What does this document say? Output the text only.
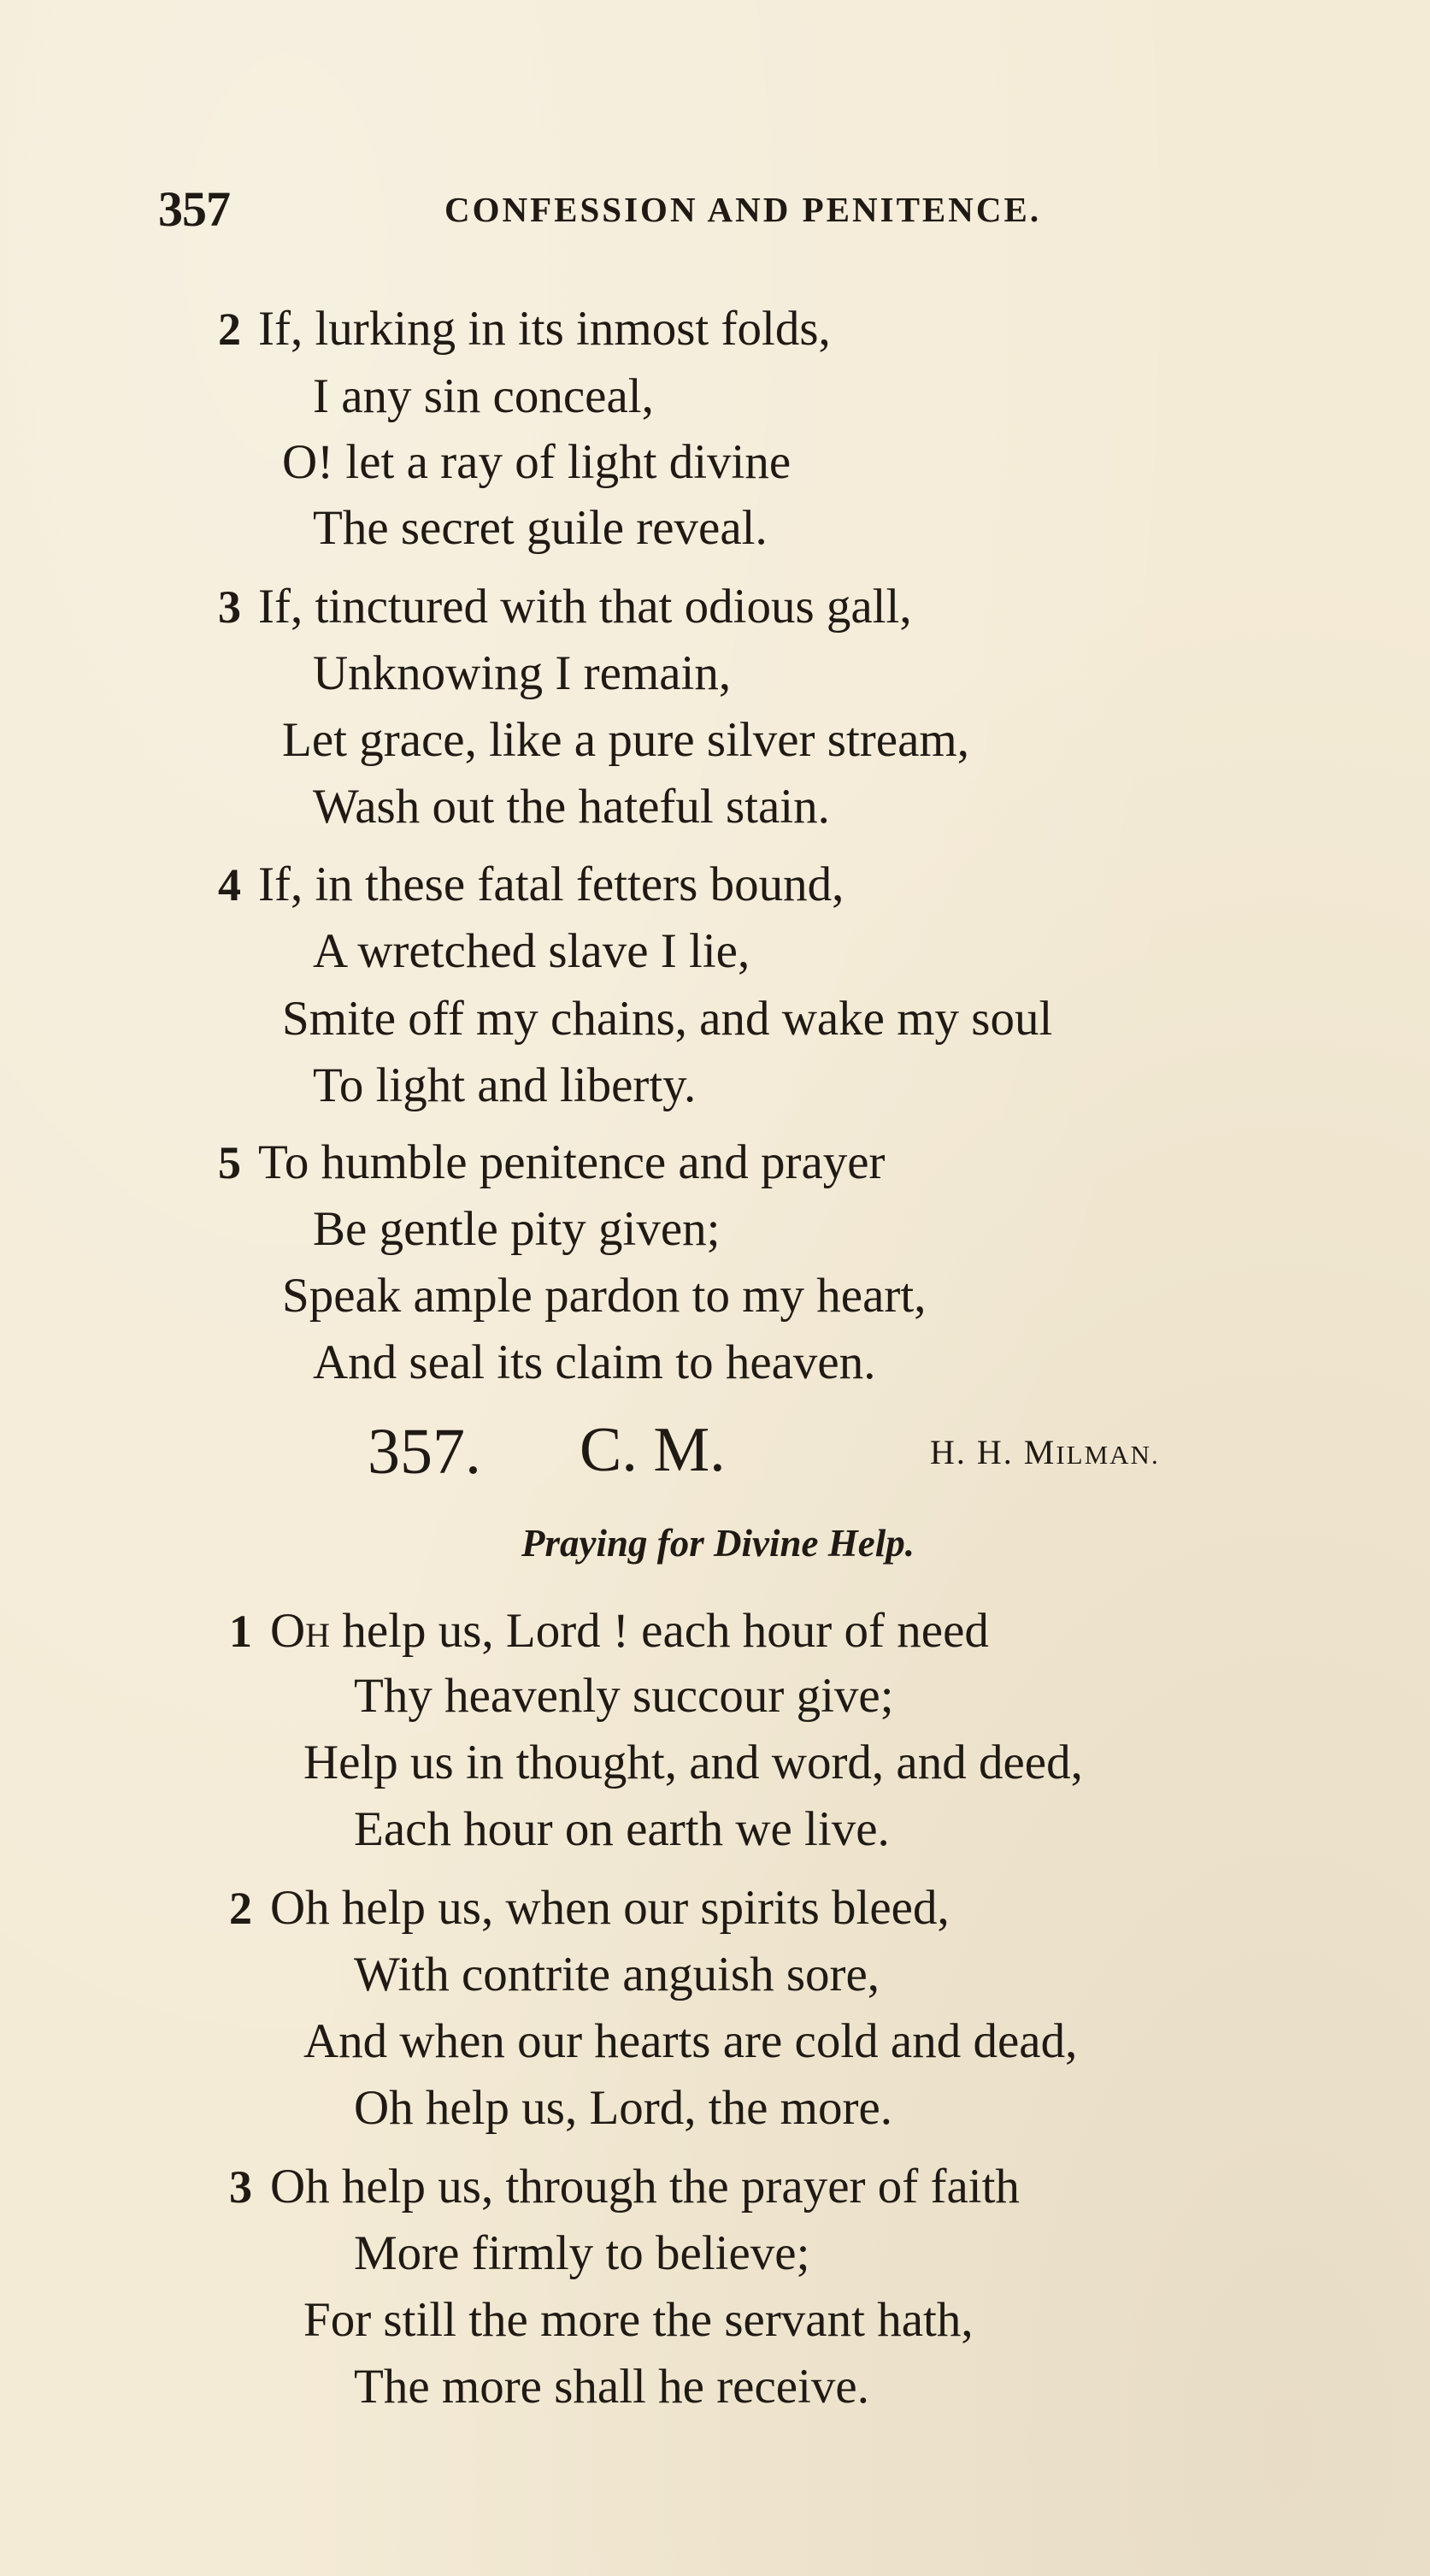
357	CONFESSION AND PENITENCE.
2 If, lurking in its inmost folds,
I any sin conceal,
O! let a ray of light divine
The secret guile reveal.
3 If, tinctured with that odious gall,
Unknowing I remain,
Let grace, like a pure silver stream,
Wash out the hateful stain.
4 If, in these fatal fetters bound,
A wretched slave I lie,
Smite off my chains, and wake my soul
To light and liberty.
5 To humble penitence and prayer
Be gentle pity given;
Speak ample pardon to my heart,
And seal its claim to heaven.
357. C. M.	H. H. MILMAN.
Praying for Divine Help.
1 OH help us, Lord ! each hour of need
Thy heavenly succour give;
Help us in thought, and word, and deed,
Each hour on earth we live.
2 Oh help us, when our spirits bleed,
With contrite anguish sore,
And when our hearts are cold and dead,
Oh help us, Lord, the more.
3 Oh help us, through the prayer of faith
More firmly to believe;
For still the more the servant hath,
The more shall he receive.
